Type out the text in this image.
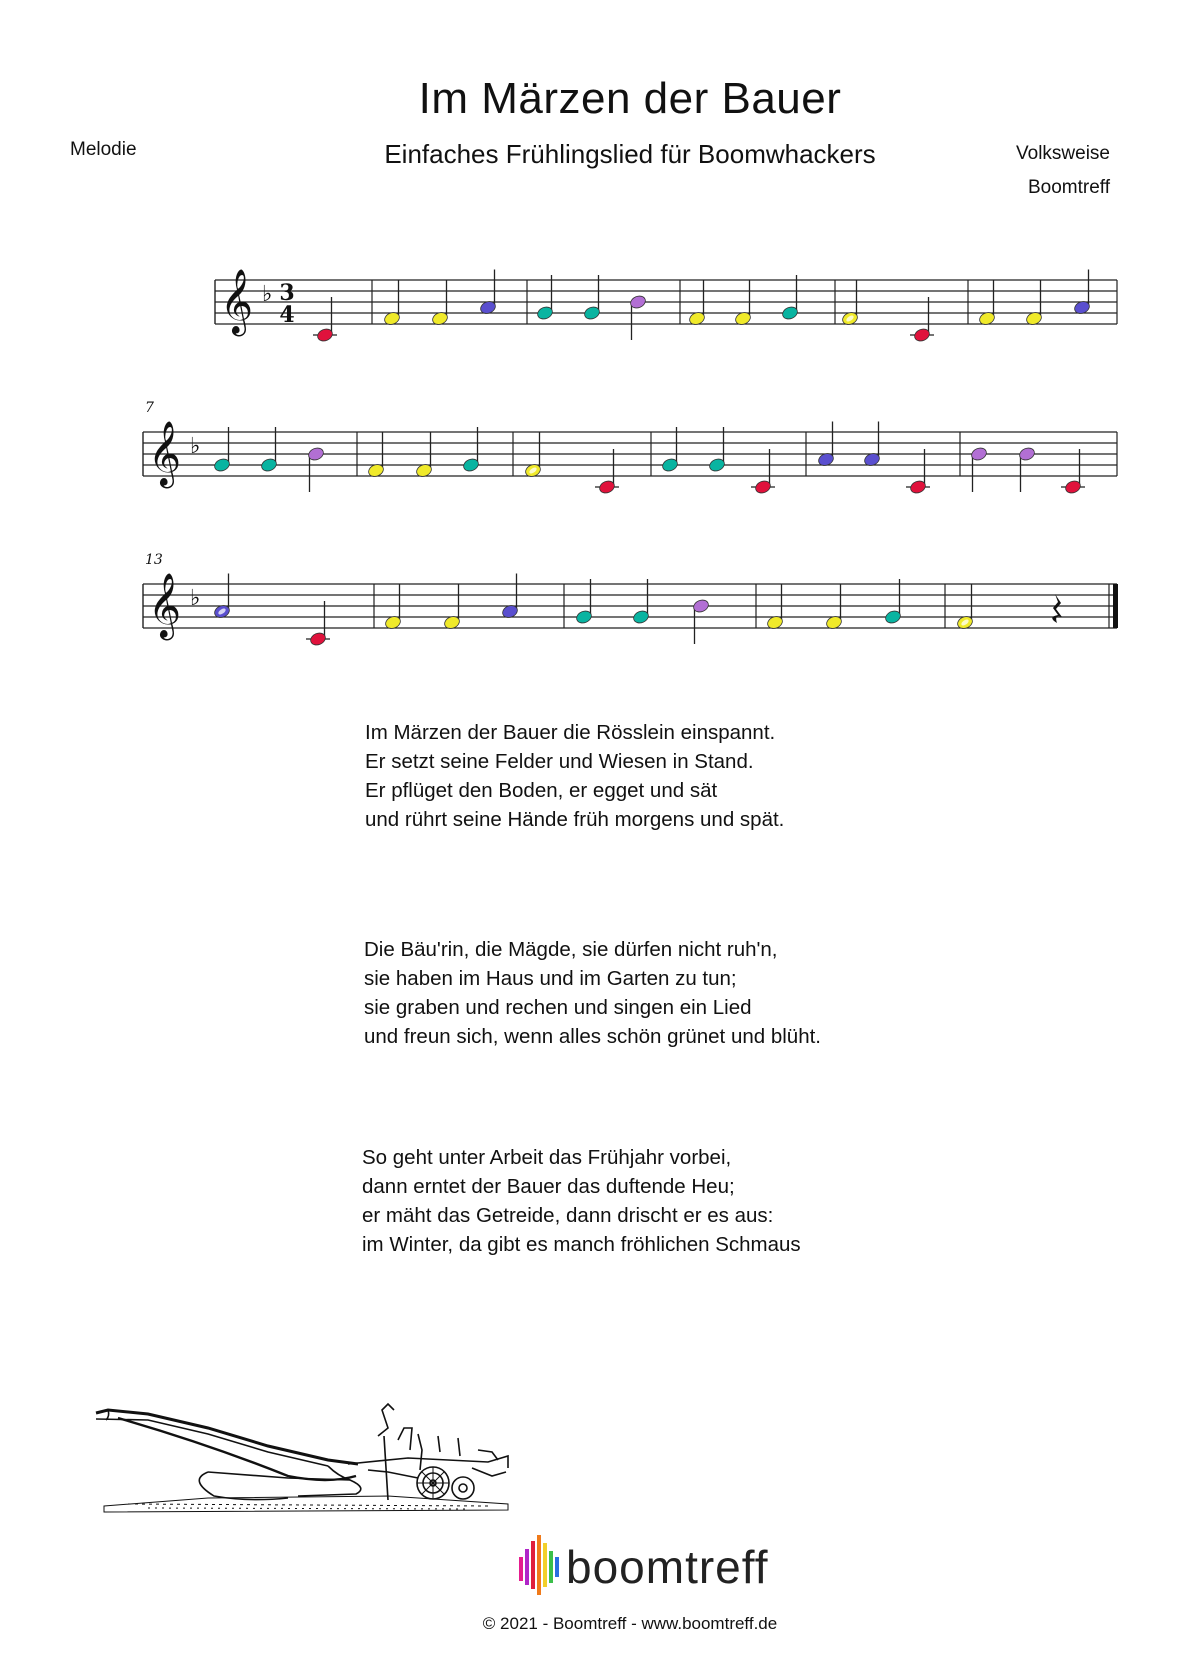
Im Märzen der Bauer
Einfaches Frühlingslied für Boomwhackers
Melodie	Volksweise
Boomtreff
7
13
𝄞 ♭ 3
4
𝄞 ♭
𝄞 ♭
Im Märzen der Bauer die Rösslein einspannt.
Er setzt seine Felder und Wiesen in Stand.
Er pflüget den Boden, er egget und sät
und rührt seine Hände früh morgens und spät.
Die Bäu'rin, die Mägde, sie dürfen nicht ruh'n,
sie haben im Haus und im Garten zu tun;
sie graben und rechen und singen ein Lied
und freun sich, wenn alles schön grünet und blüht.
So geht unter Arbeit das Frühjahr vorbei,
dann erntet der Bauer das duftende Heu;
er mäht das Getreide, dann drischt er es aus:
im Winter, da gibt es manch fröhlichen Schmaus
boomtreff
© 2021 - Boomtreff - www.boomtreff.de
